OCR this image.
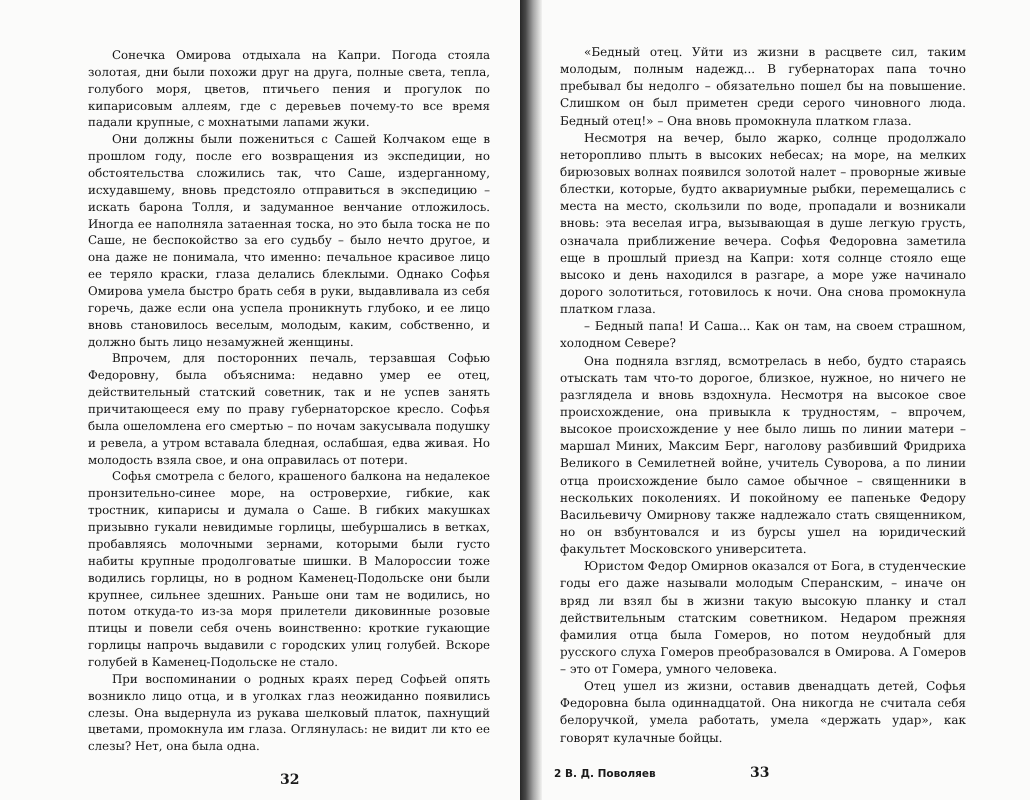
Сонечка Омирова отдыхала на Капри. Погода стояла золотая, дни были похожи друг на друга, полные света, тепла, голубого моря, цветов, птичьего пения и прогулок по кипарисовым аллеям, где с деревьев почему-то все время падали крупные, с мохнатыми лапами жуки.

Они должны были пожениться с Сашей Колчаком еще в прошлом году, после его возвращения из экспедиции, но обстоятельства сложились так, что Саше, издерганному, исхудавшему, вновь предстояло отправиться в экспедицию – искать барона Толля, и задуманное венчание отложилось. Иногда ее наполняла затаенная тоска, но это была тоска не по Саше, не беспокойство за его судьбу – было нечто другое, и она даже не понимала, что именно: печальное красивое лицо ее теряло краски, глаза делались блеклыми. Однако Софья Омирова умела быстро брать себя в руки, выдавливала из себя горечь, даже если она успела проникнуть глубоко, и ее лицо вновь становилось веселым, молодым, каким, собственно, и должно быть лицо незамужней женщины.

Впрочем, для посторонних печаль, терзавшая Софью Федоровну, была объяснима: недавно умер ее отец, действительный статский советник, так и не успев занять причитающееся ему по праву губернаторское кресло. Софья была ошеломлена его смертью – по ночам закусывала подушку и ревела, а утром вставала бледная, ослабшая, едва живая. Но молодость взяла свое, и она оправилась от потери.

Софья смотрела с белого, крашеного балкона на недалекое пронзительно-синее море, на островерхие, гибкие, как тростник, кипарисы и думала о Саше. В гибких макушках призывно гукали невидимые горлицы, шебуршались в ветках, пробавляясь молочными зернами, которыми были густо набиты крупные продолговатые шишки. В Малороссии тоже водились горлицы, но в родном Каменец-Подольске они были крупнее, сильнее здешних. Раньше они там не водились, но потом откуда-то из-за моря прилетели диковинные розовые птицы и повели себя очень воинственно: кроткие гукающие горлицы напрочь выдавили с городских улиц голубей. Вскоре голубей в Каменец-Подольске не стало.

При воспоминании о родных краях перед Софьей опять возникло лицо отца, и в уголках глаз неожиданно появились слезы. Она выдернула из рукава шелковый платок, пахнущий цветами, промокнула им глаза. Оглянулась: не видит ли кто ее слезы? Нет, она была одна.

32

«Бедный отец. Уйти из жизни в расцвете сил, таким молодым, полным надежд... В губернаторах папа точно пребывал бы недолго – обязательно пошел бы на повышение. Слишком он был приметен среди серого чиновного люда. Бедный отец!» – Она вновь промокнула платком глаза.

Несмотря на вечер, было жарко, солнце продолжало неторопливо плыть в высоких небесах; на море, на мелких бирюзовых волнах появился золотой налет – проворные живые блестки, которые, будто аквариумные рыбки, перемещались с места на место, скользили по воде, пропадали и возникали вновь: эта веселая игра, вызывающая в душе легкую грусть, означала приближение вечера. Софья Федоровна заметила еще в прошлый приезд на Капри: хотя солнце стояло еще высоко и день находился в разгаре, а море уже начинало дорого золотиться, готовилось к ночи. Она снова промокнула платком глаза.

– Бедный папа! И Саша... Как он там, на своем страшном, холодном Севере?

Она подняла взгляд, всмотрелась в небо, будто стараясь отыскать там что-то дорогое, близкое, нужное, но ничего не разглядела и вновь вздохнула. Несмотря на высокое свое происхождение, она привыкла к трудностям, – впрочем, высокое происхождение у нее было лишь по линии матери – маршал Миних, Максим Берг, наголову разбивший Фридриха Великого в Семилетней войне, учитель Суворова, а по линии отца происхождение было самое обычное – священники в нескольких поколениях. И покойному ее папеньке Федору Васильевичу Омирнову также надлежало стать священником, но он взбунтовался и из бурсы ушел на юридический факультет Московского университета.

Юристом Федор Омирнов оказался от Бога, в студенческие годы его даже называли молодым Сперанским, – иначе он вряд ли взял бы в жизни такую высокую планку и стал действительным статским советником. Недаром прежняя фамилия отца была Гомеров, но потом неудобный для русского слуха Гомеров преобразовался в Омирова. А Гомеров – это от Гомера, умного человека.

Отец ушел из жизни, оставив двенадцать детей, Софья Федоровна была одиннадцатой. Она никогда не считала себя белоручкой, умела работать, умела «держать удар», как говорят кулачные бойцы.

2 В. Д. Поволяев	33
